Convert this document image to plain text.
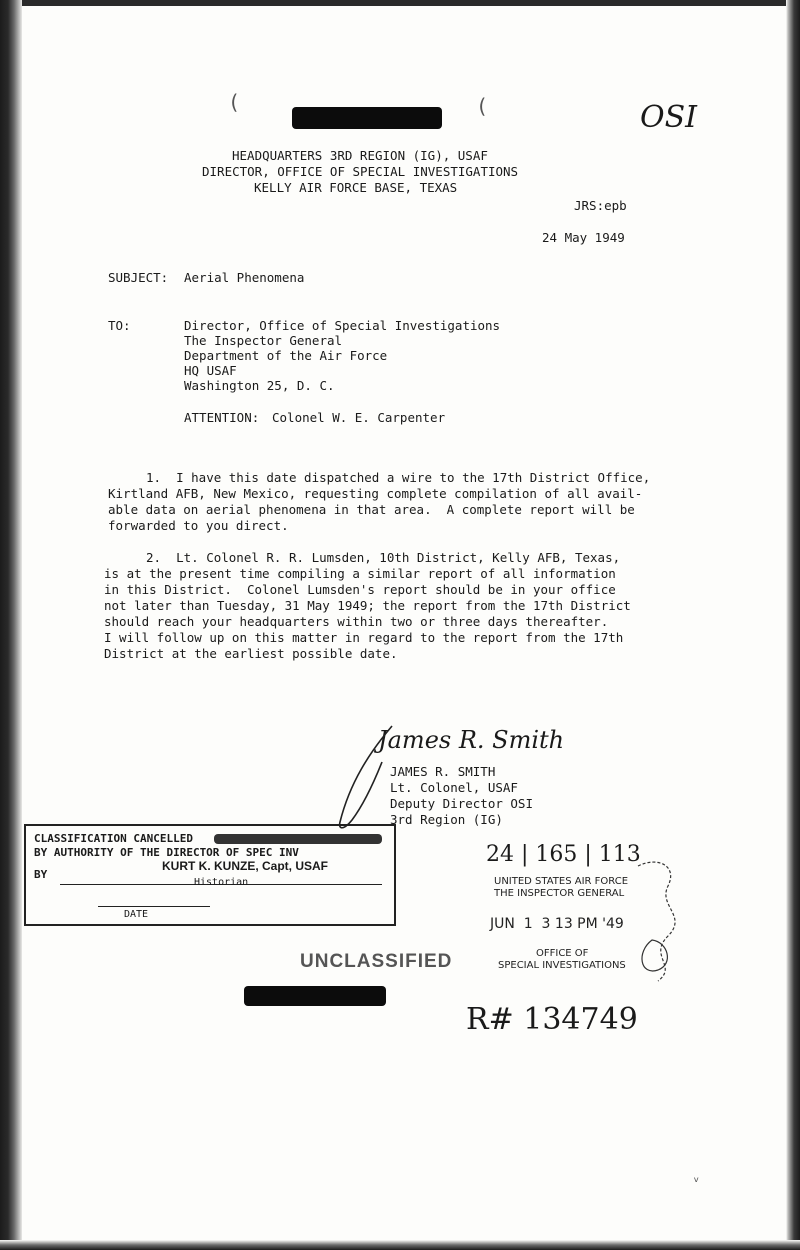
(	(	OSI
HEADQUARTERS 3RD REGION (IG), USAF
DIRECTOR, OFFICE OF SPECIAL INVESTIGATIONS
KELLY AIR FORCE BASE, TEXAS
JRS:epb
24 May 1949
SUBJECT: Aerial Phenomena
TO:	Director, Office of Special Investigations
The Inspector General
Department of the Air Force
HQ USAF
Washington 25, D. C.
ATTENTION: Colonel W. E. Carpenter
1.  I have this date dispatched a wire to the 17th District Office,
Kirtland AFB, New Mexico, requesting complete compilation of all avail-
able data on aerial phenomena in that area.  A complete report will be
forwarded to you direct.
2.  Lt. Colonel R. R. Lumsden, 10th District, Kelly AFB, Texas,
is at the present time compiling a similar report of all information
in this District.  Colonel Lumsden's report should be in your office
not later than Tuesday, 31 May 1949; the report from the 17th District
should reach your headquarters within two or three days thereafter.
I will follow up on this matter in regard to the report from the 17th
District at the earliest possible date.
James R. Smith
JAMES R. SMITH
Lt. Colonel, USAF
Deputy Director OSI
3rd Region (IG)
CLASSIFICATION CANCELLED
BY AUTHORITY OF THE DIRECTOR OF SPEC INV
BY
KURT K. KUNZE, Capt, USAF
Historian
DATE
24 | 165 | 113
UNITED STATES AIR FORCE
THE INSPECTOR GENERAL
JUN  1  3 13 PM '49
OFFICE OF
SPECIAL INVESTIGATIONS
UNCLASSIFIED
R# 134749
ᵥ
